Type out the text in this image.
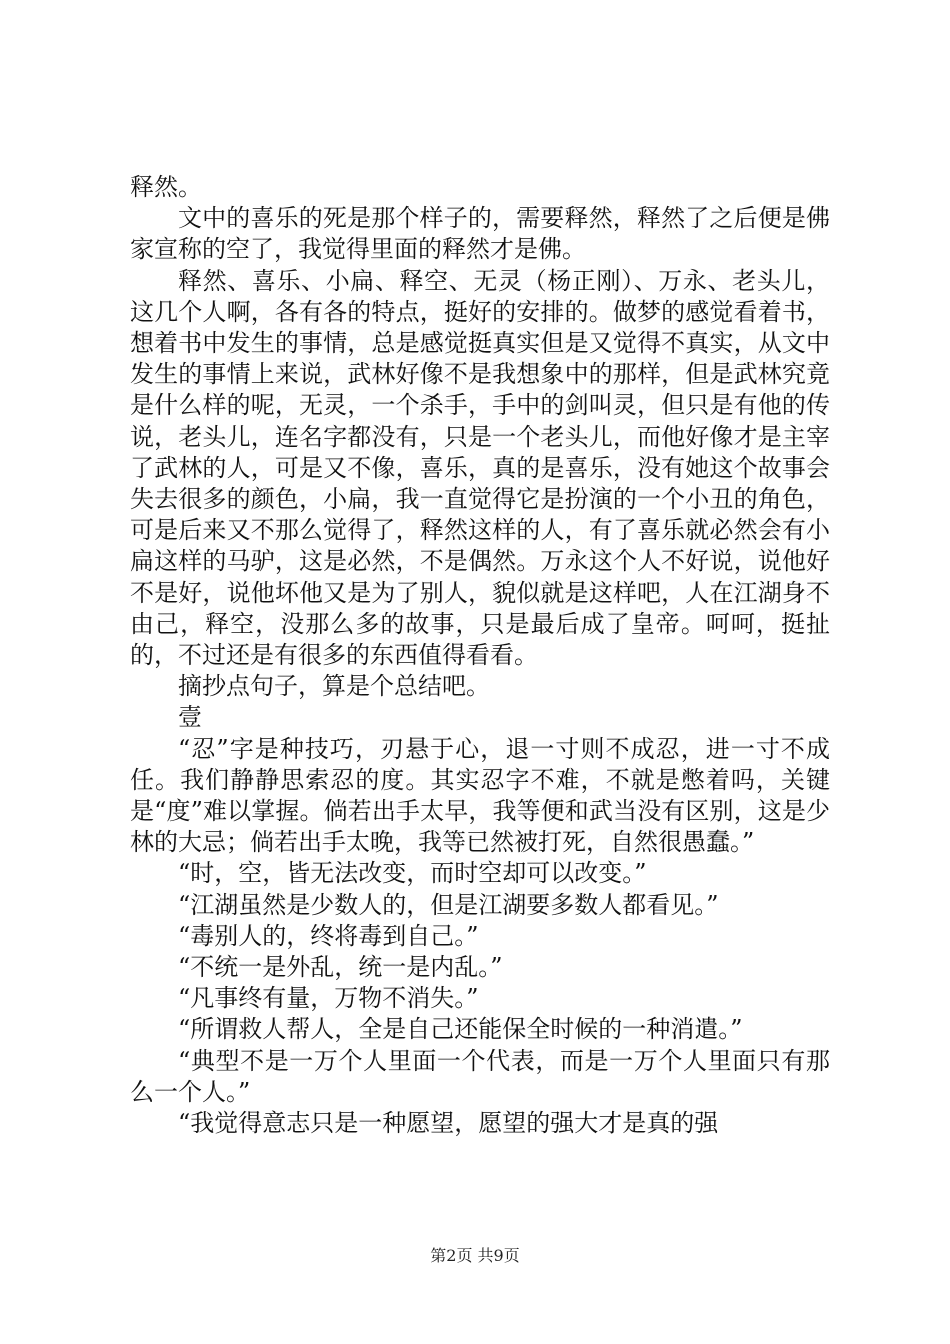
释然。

文中的喜乐的死是那个样子的，需要释然，释然了之后便是佛家宣称的空了，我觉得里面的释然才是佛。

释然、喜乐、小扁、释空、无灵（杨正刚）、万永、老头儿，这几个人啊，各有各的特点，挺好的安排的。做梦的感觉看着书，想着书中发生的事情，总是感觉挺真实但是又觉得不真实，从文中发生的事情上来说，武林好像不是我想象中的那样，但是武林究竟是什么样的呢，无灵，一个杀手，手中的剑叫灵，但只是有他的传说，老头儿，连名字都没有，只是一个老头儿，而他好像才是主宰了武林的人，可是又不像，喜乐，真的是喜乐，没有她这个故事会失去很多的颜色，小扁，我一直觉得它是扮演的一个小丑的角色，可是后来又不那么觉得了，释然这样的人，有了喜乐就必然会有小扁这样的马驴，这是必然，不是偶然。万永这个人不好说，说他好不是好，说他坏他又是为了别人，貌似就是这样吧，人在江湖身不由己，释空，没那么多的故事，只是最后成了皇帝。呵呵，挺扯的，不过还是有很多的东西值得看看。

摘抄点句子，算是个总结吧。

壹

“忍”字是种技巧，刃悬于心，退一寸则不成忍，进一寸不成任。我们静静思索忍的度。其实忍字不难，不就是憋着吗，关键是“度”难以掌握。倘若出手太早，我等便和武当没有区别，这是少林的大忌；倘若出手太晚，我等已然被打死，自然很愚蠢。”

“时，空，皆无法改变，而时空却可以改变。”

“江湖虽然是少数人的，但是江湖要多数人都看见。”

“毒别人的，终将毒到自己。”

“不统一是外乱，统一是内乱。”

“凡事终有量，万物不消失。”

“所谓救人帮人，全是自己还能保全时候的一种消遣。”

“典型不是一万个人里面一个代表，而是一万个人里面只有那么一个人。”

“我觉得意志只是一种愿望，愿望的强大才是真的强

第2页 共9页
